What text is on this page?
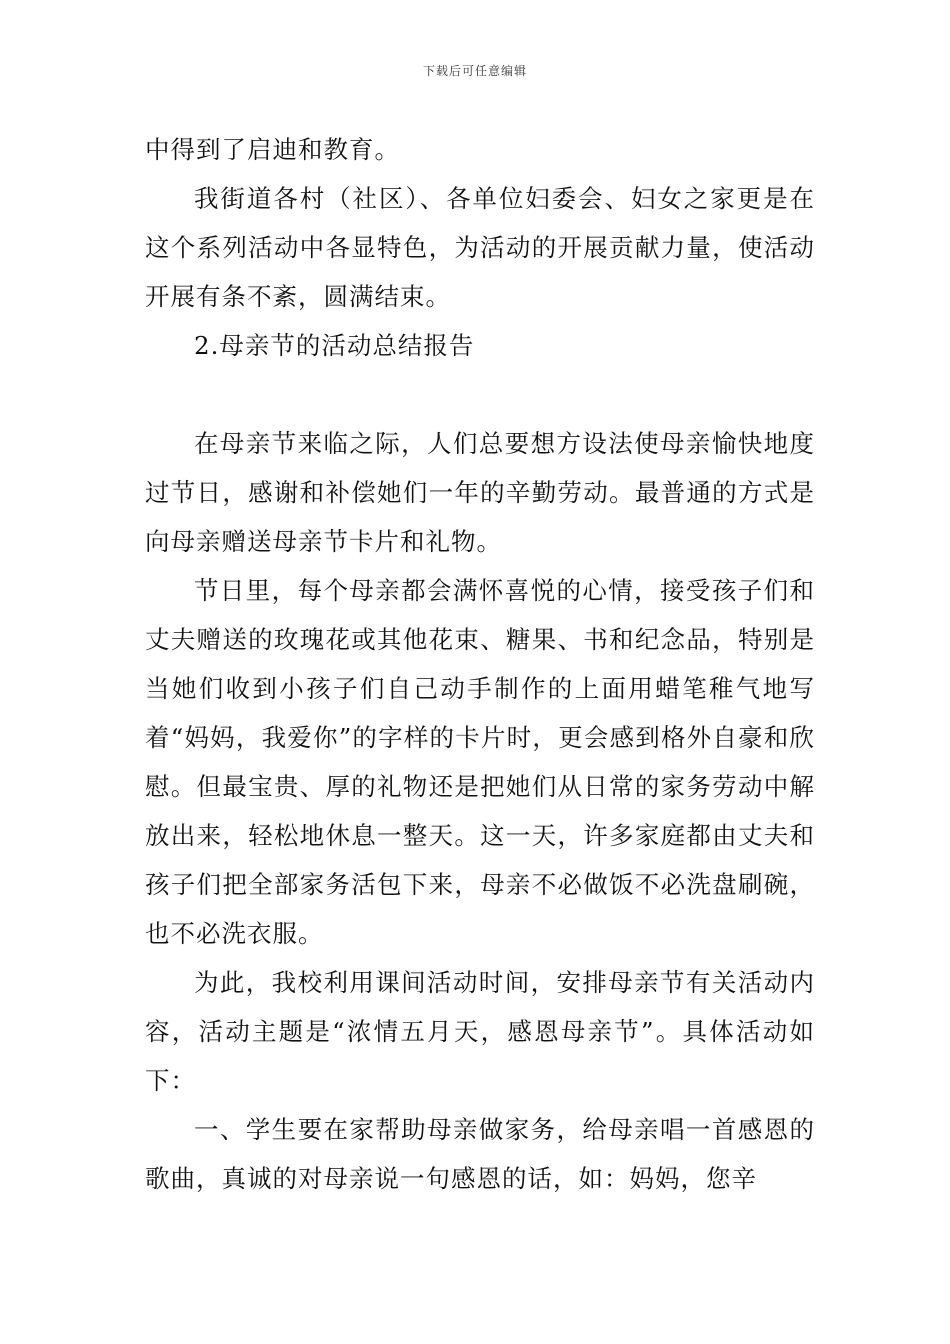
下载后可任意编辑

中得到了启迪和教育。

我街道各村（社区）、各单位妇委会、妇女之家更是在这个系列活动中各显特色，为活动的开展贡献力量，使活动开展有条不紊，圆满结束。

2.母亲节的活动总结报告

在母亲节来临之际，人们总要想方设法使母亲愉快地度过节日，感谢和补偿她们一年的辛勤劳动。最普通的方式是向母亲赠送母亲节卡片和礼物。

节日里，每个母亲都会满怀喜悦的心情，接受孩子们和丈夫赠送的玫瑰花或其他花束、糖果、书和纪念品，特别是当她们收到小孩子们自己动手制作的上面用蜡笔稚气地写着“妈妈，我爱你”的字样的卡片时，更会感到格外自豪和欣慰。但最宝贵、厚的礼物还是把她们从日常的家务劳动中解放出来，轻松地休息一整天。这一天，许多家庭都由丈夫和孩子们把全部家务活包下来，母亲不必做饭不必洗盘刷碗，也不必洗衣服。

为此，我校利用课间活动时间，安排母亲节有关活动内容，活动主题是“浓情五月天，感恩母亲节”。具体活动如下：

一、学生要在家帮助母亲做家务，给母亲唱一首感恩的歌曲，真诚的对母亲说一句感恩的话，如：妈妈，您辛
